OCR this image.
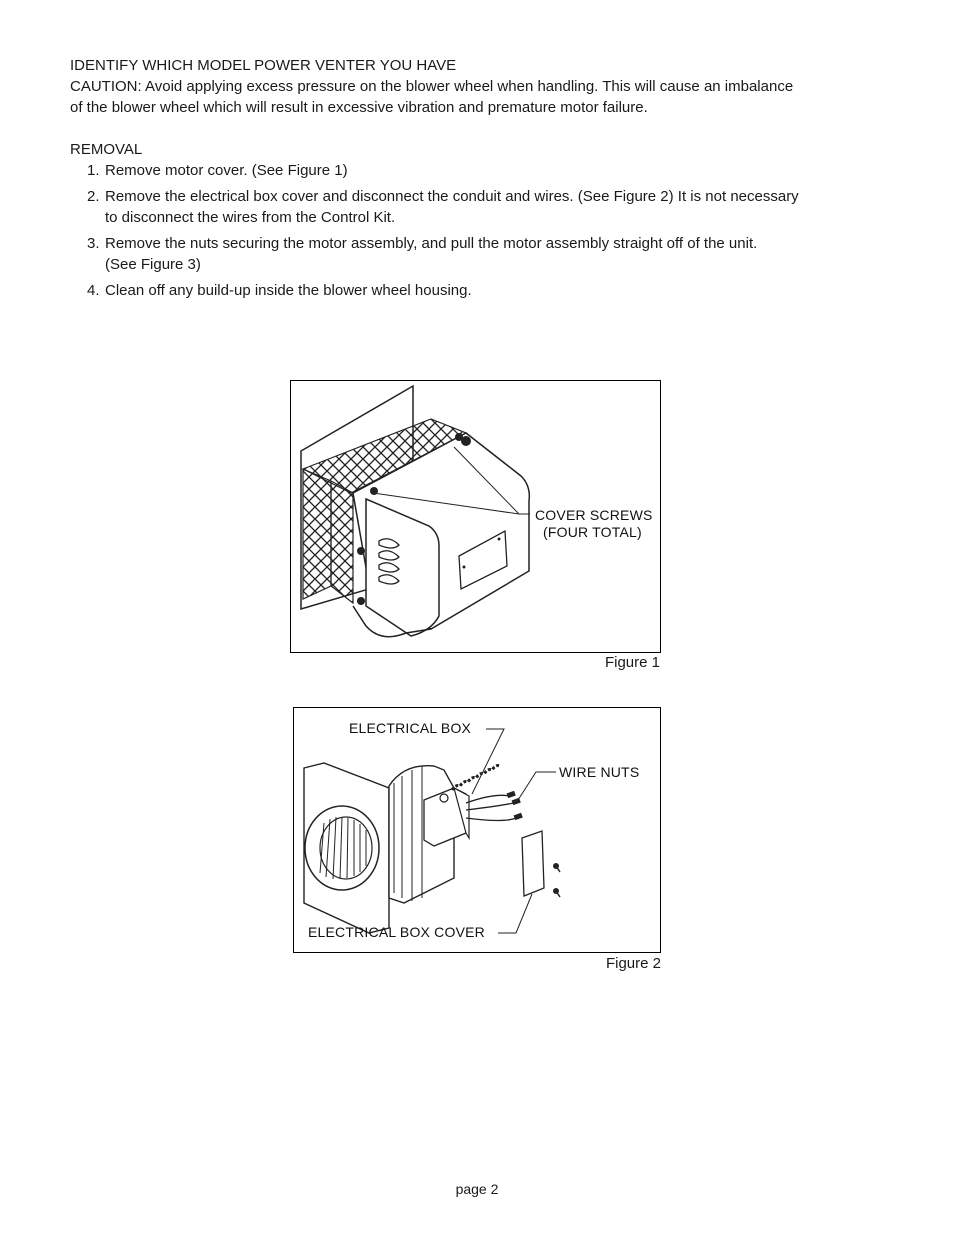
IDENTIFY WHICH MODEL POWER VENTER YOU HAVE

CAUTION: Avoid applying excess pressure on the blower wheel when handling. This will cause an imbalance

of the blower wheel which will result in excessive vibration and premature motor failure.

REMOVAL

1. Remove motor cover. (See Figure 1)
2. Remove the electrical box cover and disconnect the conduit and wires. (See Figure 2) It is not necessary
to disconnect the wires from the Control Kit.
3. Remove the nuts securing the motor assembly, and pull the motor assembly straight off of the unit.
(See Figure 3)
4. Clean off any build-up inside the blower wheel housing.
COVER SCREWS
(FOUR TOTAL)
Figure 1
ELECTRICAL BOX
WIRE NUTS
ELECTRICAL BOX COVER
Figure 2
page 2
